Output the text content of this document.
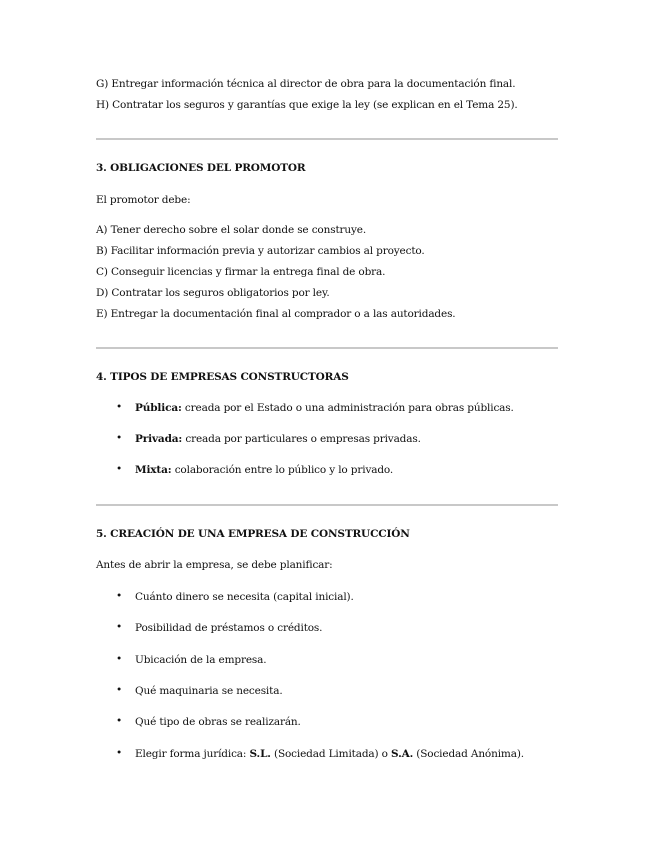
G) Entregar información técnica al director de obra para la documentación final.
H) Contratar los seguros y garantías que exige la ley (se explican en el Tema 25).
3. OBLIGACIONES DEL PROMOTOR
El promotor debe:
A) Tener derecho sobre el solar donde se construye.
B) Facilitar información previa y autorizar cambios al proyecto.
C) Conseguir licencias y firmar la entrega final de obra.
D) Contratar los seguros obligatorios por ley.
E) Entregar la documentación final al comprador o a las autoridades.
4. TIPOS DE EMPRESAS CONSTRUCTORAS
• Pública: creada por el Estado o una administración para obras públicas.
• Privada: creada por particulares o empresas privadas.
• Mixta: colaboración entre lo público y lo privado.
5. CREACIÓN DE UNA EMPRESA DE CONSTRUCCIÓN
Antes de abrir la empresa, se debe planificar:
• Cuánto dinero se necesita (capital inicial).
• Posibilidad de préstamos o créditos.
• Ubicación de la empresa.
• Qué maquinaria se necesita.
• Qué tipo de obras se realizarán.
• Elegir forma jurídica: S.L. (Sociedad Limitada) o S.A. (Sociedad Anónima).
